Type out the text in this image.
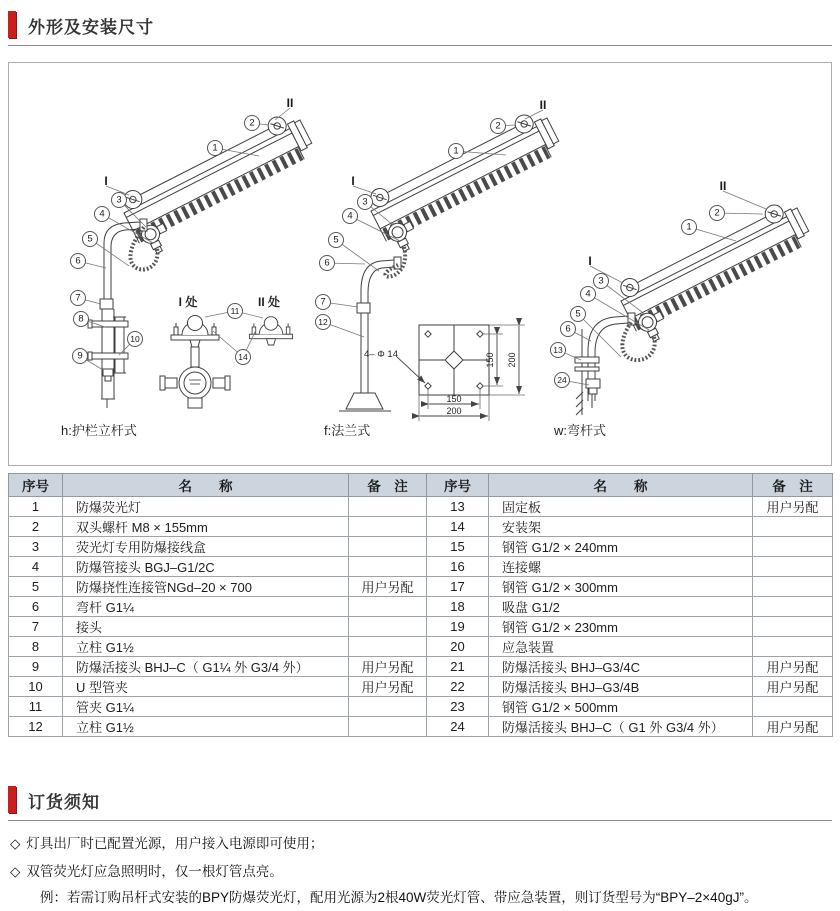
外形及安装尺寸
I 处	II 处
II
2
1
I
3
4
5
6
7
8
10
9
11
14
h:护栏立杆式
150 200
150
200
4– Φ 14
II
2
1
I
3
4
5
6
7
12
f:法兰式
II
2
1
I
3
4
5
6
13
24
w:弯杆式
序号	名　　称	备　注	序号	名　　称	备　注
1	防爆荧光灯		13	固定板	用户另配
2	双头螺杆 M8 × 155mm		14	安装架	
3	荧光灯专用防爆接线盒		15	钢管 G1/2 × 240mm	
4	防爆管接头 BGJ–G1/2C		16	连接螺	
5	防爆挠性连接管NGd–20 × 700	用户另配	17	钢管 G1/2 × 300mm	
6	弯杆 G1¼		18	吸盘 G1/2	
7	接头		19	钢管 G1/2 × 230mm	
8	立柱 G1½		20	应急装置	
9	防爆活接头 BHJ–C（ G1¼ 外 G3/4 外）	用户另配	21	防爆活接头 BHJ–G3/4C	用户另配
10	U 型管夹	用户另配	22	防爆活接头 BHJ–G3/4B	用户另配
11	管夹 G1¼		23	钢管 G1/2 × 500mm	
12	立柱 G1½		24	防爆活接头 BHJ–C（ G1 外 G3/4 外）	用户另配
订货须知
◇ 灯具出厂时已配置光源，用户接入电源即可使用；
◇ 双管荧光灯应急照明时，仅一根灯管点亮。
例：若需订购吊杆式安装的BPY防爆荧光灯，配用光源为2根40W荧光灯管、带应急装置，则订货型号为“BPY–2×40gJ”。
